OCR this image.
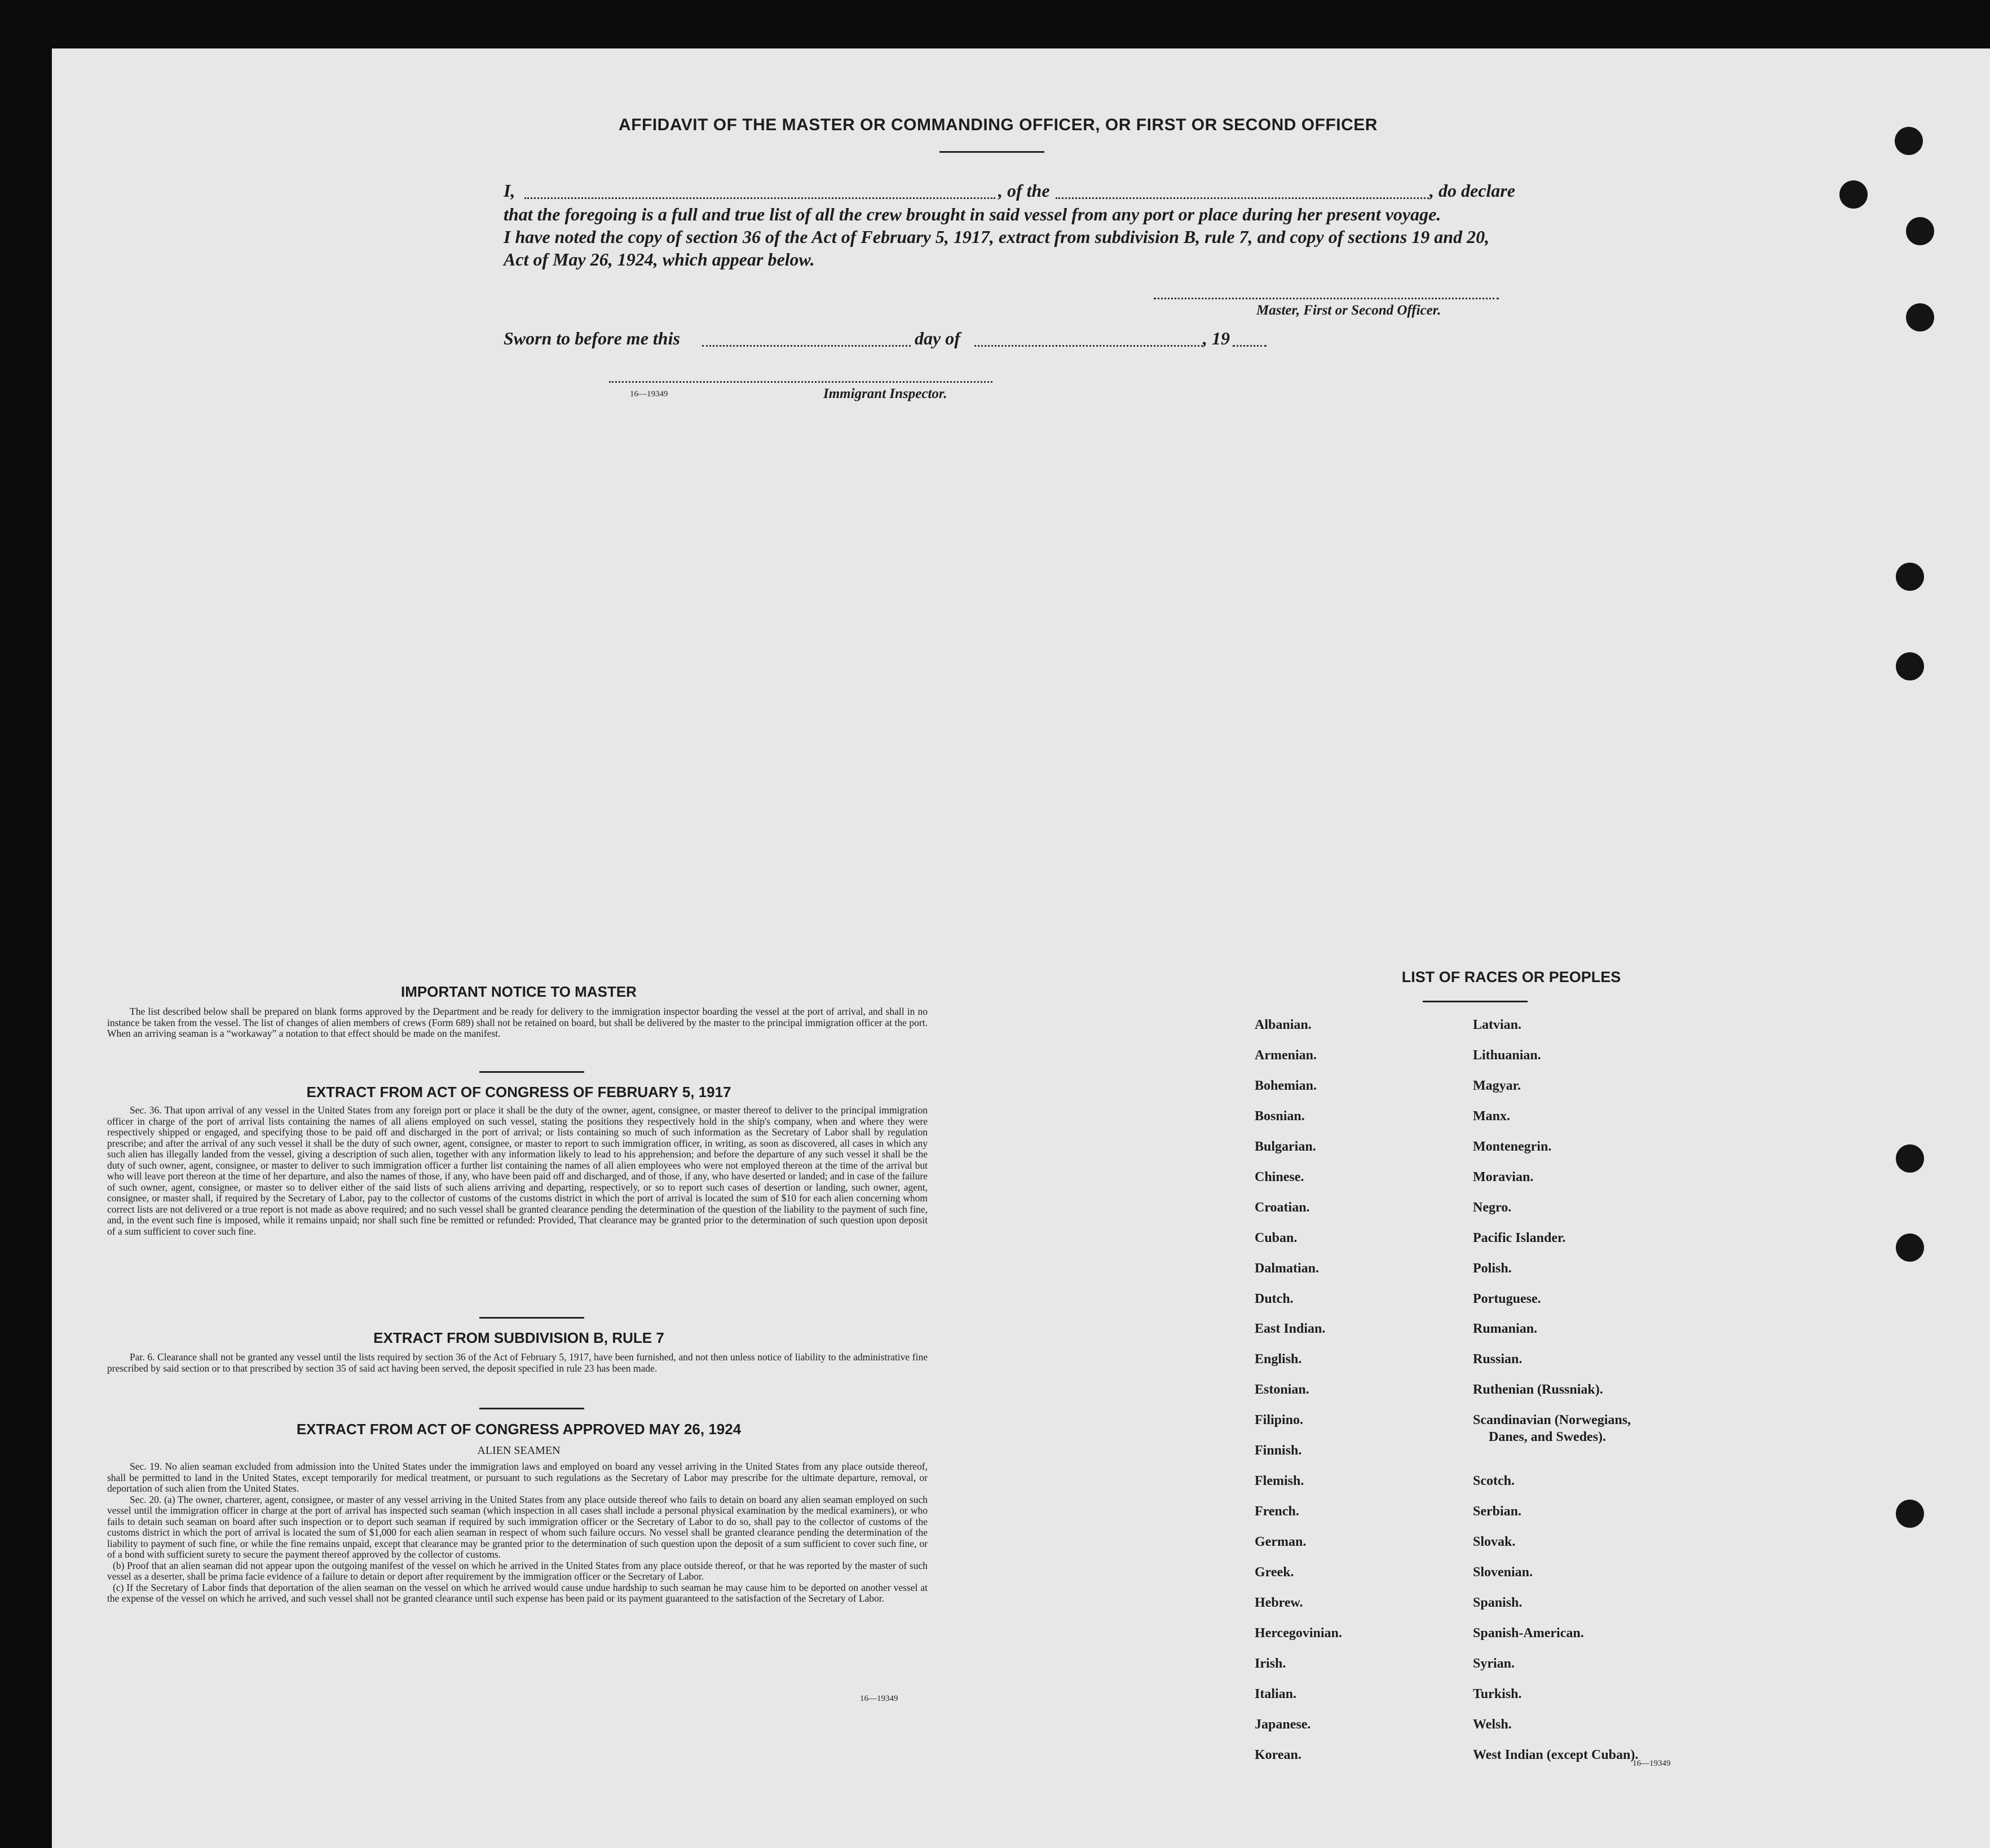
AFFIDAVIT OF THE MASTER OR COMMANDING OFFICER, OR FIRST OR SECOND OFFICER
I,	, of the	, do declare
that the foregoing is a full and true list of all the crew brought in said vessel from any port or place during her present voyage.
I have noted the copy of section 36 of the Act of February 5, 1917, extract from subdivision B, rule 7, and copy of sections 19 and 20,
Act of May 26, 1924, which appear below.
Master, First or Second Officer.
Sworn to before me this	day of	, 19
16—19349	Immigrant Inspector.
IMPORTANT NOTICE TO MASTER
The list described below shall be prepared on blank forms approved by the Department and be ready for delivery to the immigration inspector boarding the vessel at the port of arrival, and shall in no instance be taken from the vessel. The list of changes of alien members of crews (Form 689) shall not be retained on board, but shall be delivered by the master to the principal immigration officer at the port. When an arriving seaman is a “workaway” a notation to that effect should be made on the manifest.
EXTRACT FROM ACT OF CONGRESS OF FEBRUARY 5, 1917
Sec. 36. That upon arrival of any vessel in the United States from any foreign port or place it shall be the duty of the owner, agent, consignee, or master thereof to deliver to the principal immigration officer in charge of the port of arrival lists containing the names of all aliens employed on such vessel, stating the positions they respectively hold in the ship's company, when and where they were respectively shipped or engaged, and specifying those to be paid off and discharged in the port of arrival; or lists containing so much of such information as the Secretary of Labor shall by regulation prescribe; and after the arrival of any such vessel it shall be the duty of such owner, agent, consignee, or master to report to such immigration officer, in writing, as soon as discovered, all cases in which any such alien has illegally landed from the vessel, giving a description of such alien, together with any information likely to lead to his apprehension; and before the departure of any such vessel it shall be the duty of such owner, agent, consignee, or master to deliver to such immigration officer a further list containing the names of all alien employees who were not employed thereon at the time of the arrival but who will leave port thereon at the time of her departure, and also the names of those, if any, who have been paid off and discharged, and of those, if any, who have deserted or landed; and in case of the failure of such owner, agent, consignee, or master so to deliver either of the said lists of such aliens arriving and departing, respectively, or so to report such cases of desertion or landing, such owner, agent, consignee, or master shall, if required by the Secretary of Labor, pay to the collector of customs of the customs district in which the port of arrival is located the sum of $10 for each alien concerning whom correct lists are not delivered or a true report is not made as above required; and no such vessel shall be granted clearance pending the determination of the question of the liability to the payment of such fine, and, in the event such fine is imposed, while it remains unpaid; nor shall such fine be remitted or refunded: Provided, That clearance may be granted prior to the determination of such question upon deposit of a sum sufficient to cover such fine.
EXTRACT FROM SUBDIVISION B, RULE 7
Par. 6. Clearance shall not be granted any vessel until the lists required by section 36 of the Act of February 5, 1917, have been furnished, and not then unless notice of liability to the administrative fine prescribed by said section or to that prescribed by section 35 of said act having been served, the deposit specified in rule 23 has been made.
EXTRACT FROM ACT OF CONGRESS APPROVED MAY 26, 1924
ALIEN SEAMEN

Sec. 19. No alien seaman excluded from admission into the United States under the immigration laws and employed on board any vessel arriving in the United States from any place outside thereof, shall be permitted to land in the United States, except temporarily for medical treatment, or pursuant to such regulations as the Secretary of Labor may prescribe for the ultimate departure, removal, or deportation of such alien from the United States.

Sec. 20. (a) The owner, charterer, agent, consignee, or master of any vessel arriving in the United States from any place outside thereof who fails to detain on board any alien seaman employed on such vessel until the immigration officer in charge at the port of arrival has inspected such seaman (which inspection in all cases shall include a personal physical examination by the medical examiners), or who fails to detain such seaman on board after such inspection or to deport such seaman if required by such immigration officer or the Secretary of Labor to do so, shall pay to the collector of customs of the customs district in which the port of arrival is located the sum of $1,000 for each alien seaman in respect of whom such failure occurs. No vessel shall be granted clearance pending the determination of the liability to payment of such fine, or while the fine remains unpaid, except that clearance may be granted prior to the determination of such question upon the deposit of a sum sufficient to cover such fine, or of a bond with sufficient surety to secure the payment thereof approved by the collector of customs.

(b) Proof that an alien seaman did not appear upon the outgoing manifest of the vessel on which he arrived in the United States from any place outside thereof, or that he was reported by the master of such vessel as a deserter, shall be prima facie evidence of a failure to detain or deport after requirement by the immigration officer or the Secretary of Labor.

(c) If the Secretary of Labor finds that deportation of the alien seaman on the vessel on which he arrived would cause undue hardship to such seaman he may cause him to be deported on another vessel at the expense of the vessel on which he arrived, and such vessel shall not be granted clearance until such expense has been paid or its payment guaranteed to the satisfaction of the Secretary of Labor.

16—19349
LIST OF RACES OR PEOPLES
Albanian.
Armenian.
Bohemian.
Bosnian.
Bulgarian.
Chinese.
Croatian.
Cuban.
Dalmatian.
Dutch.
East Indian.
English.
Estonian.
Filipino.
Finnish.
Flemish.
French.
German.
Greek.
Hebrew.
Hercegovinian.
Irish.
Italian.
Japanese.
Korean.
Latvian.
Lithuanian.
Magyar.
Manx.
Montenegrin.
Moravian.
Negro.
Pacific Islander.
Polish.
Portuguese.
Rumanian.
Russian.
Ruthenian (Russniak).
Scandinavian (Norwegians,
Danes, and Swedes).
Scotch.
Serbian.
Slovak.
Slovenian.
Spanish.
Spanish-American.
Syrian.
Turkish.
Welsh.
West Indian (except Cuban).
16—19349
